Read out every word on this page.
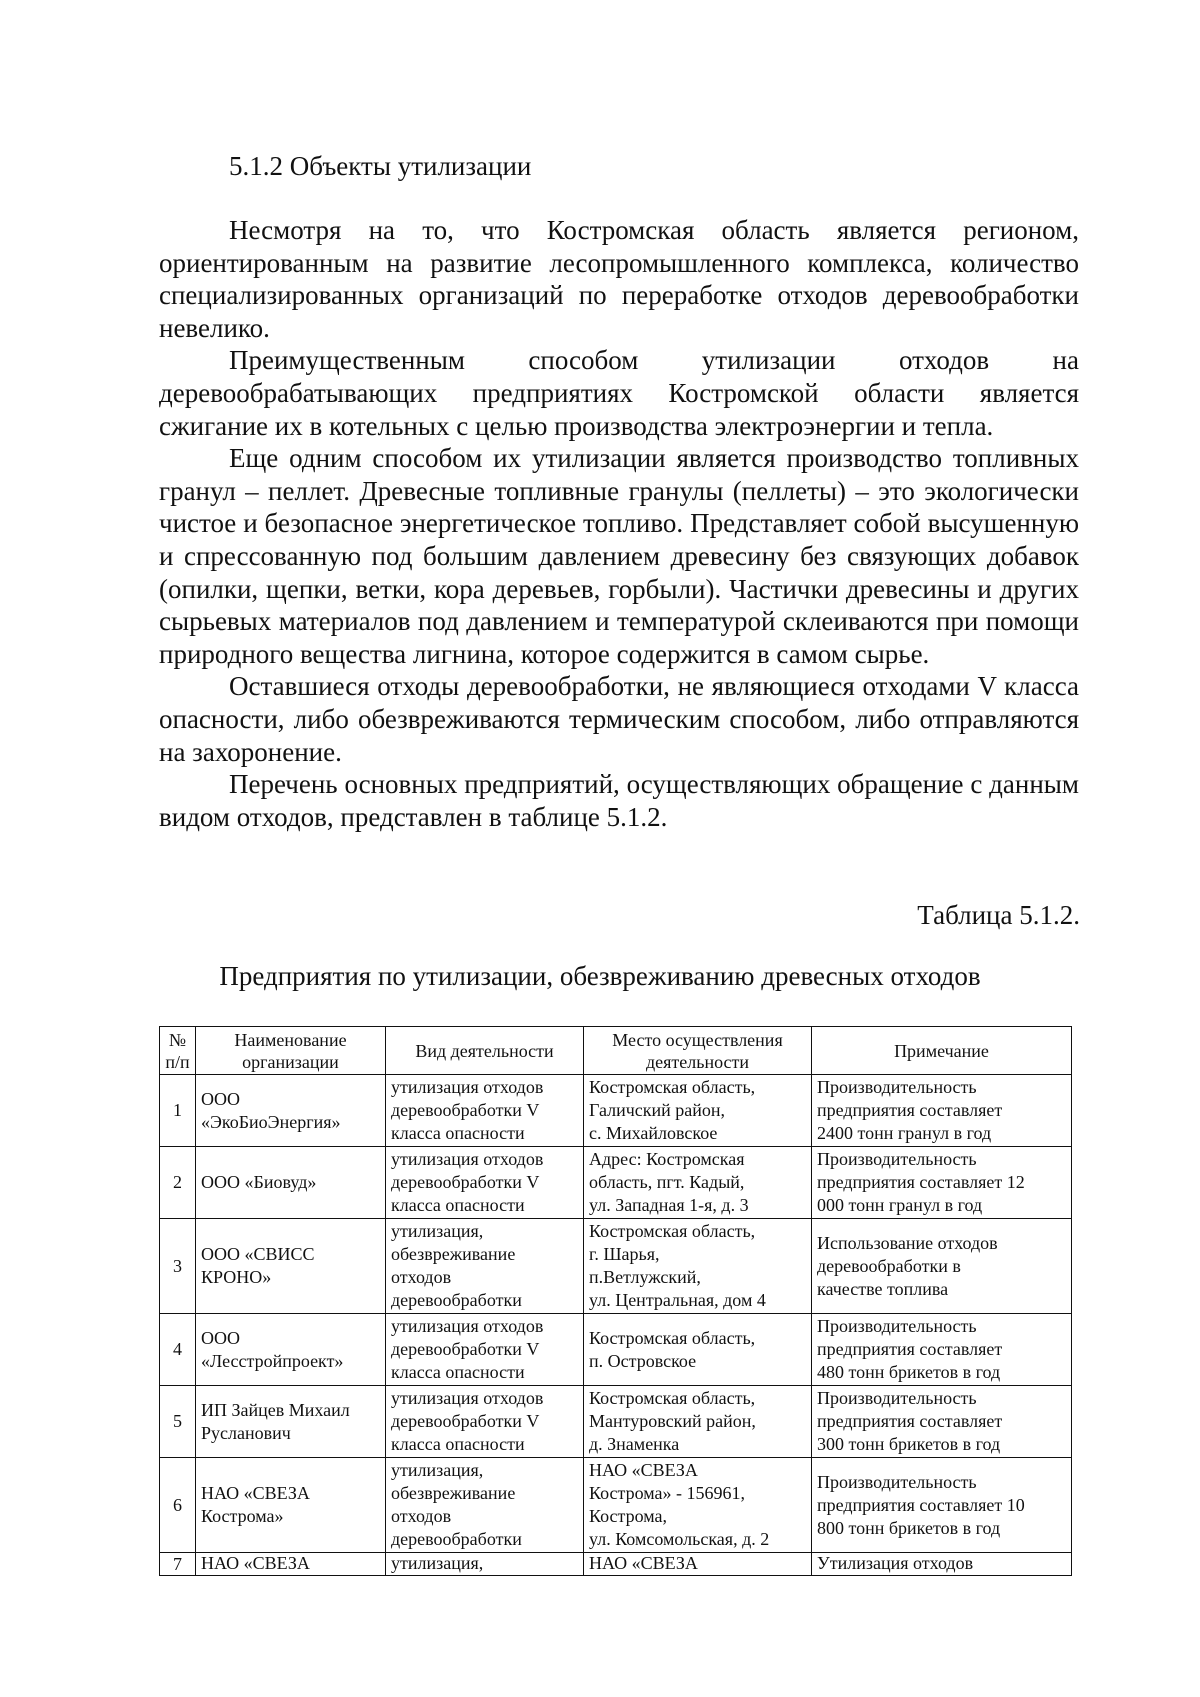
5.1.2 Объекты утилизации

Несмотря на то, что Костромская область является регионом, ориентированным на развитие лесопромышленного комплекса, количество специализированных организаций по переработке отходов деревообработки невелико.

Преимущественным способом утилизации отходов на деревообрабатывающих предприятиях Костромской области является сжигание их в котельных с целью производства электроэнергии и тепла.

Еще одним способом их утилизации является производство топливных гранул – пеллет. Древесные топливные гранулы (пеллеты) – это экологически чистое и безопасное энергетическое топливо. Представляет собой высушенную и спрессованную под большим давлением древесину без связующих добавок (опилки, щепки, ветки, кора деревьев, горбыли). Частички древесины и других сырьевых материалов под давлением и температурой склеиваются при помощи природного вещества лигнина, которое содержится в самом сырье.

Оставшиеся отходы деревообработки, не являющиеся отходами V класса опасности, либо обезвреживаются термическим способом, либо отправляются на захоронение.

Перечень основных предприятий, осуществляющих обращение с данным видом отходов, представлен в таблице 5.1.2.

Таблица 5.1.2.
Предприятия по утилизации, обезвреживанию древесных отходов
№
п/п	Наименование
организации	Вид деятельности	Место осуществления
деятельности	Примечание
1	ООО
«ЭкоБиоЭнергия»	утилизация отходов
деревообработки V
класса опасности	Костромская область,
Галичский район,
с. Михайловское	Производительность
предприятия составляет
2400 тонн гранул в год

2	ООО «Биовуд»	утилизация отходов
деревообработки V
класса опасности	Адрес: Костромская
область, пгт. Кадый,
ул. Западная 1-я, д. 3	Производительность
предприятия составляет 12
000 тонн гранул в год

3	ООО «СВИСС
КРОНО»	утилизация,
обезвреживание
отходов
деревообработки	Костромская область,
г. Шарья,
п.Ветлужский,
ул. Центральная, дом 4	Использование отходов
деревообработки в
качестве топлива

4	ООО
«Лесстройпроект»	утилизация отходов
деревообработки V
класса опасности	Костромская область,
п. Островское	Производительность
предприятия составляет
480 тонн брикетов в год

5	ИП Зайцев Михаил
Русланович	утилизация отходов
деревообработки V
класса опасности	Костромская область,
Мантуровский район,
д. Знаменка	Производительность
предприятия составляет
300 тонн брикетов в год

6	НАО «СВЕЗА
Кострома»	утилизация,
обезвреживание
отходов
деревообработки	НАО «СВЕЗА
Кострома» - 156961,
Кострома,
ул. Комсомольская, д. 2	Производительность
предприятия составляет 10
800 тонн брикетов в год

7	НАО «СВЕЗА	утилизация,	НАО «СВЕЗА	Утилизация отходов
